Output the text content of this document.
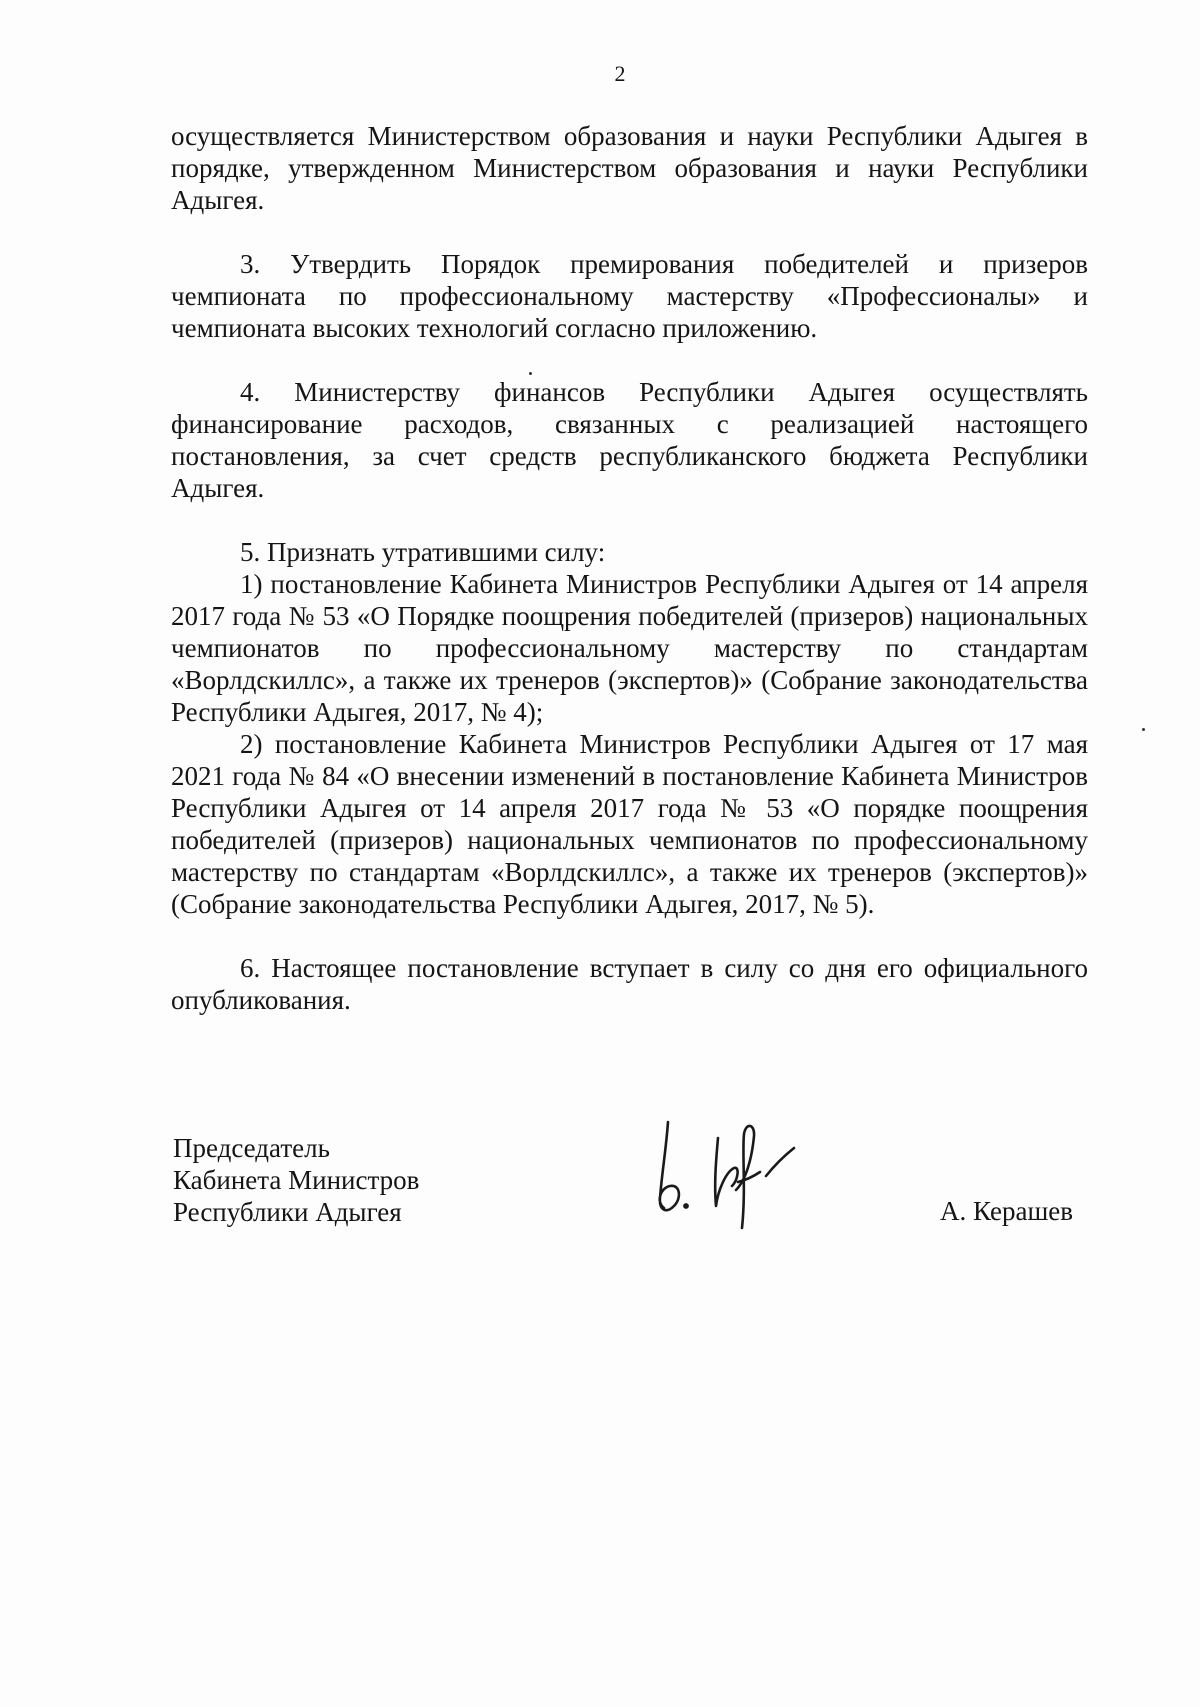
2

осуществляется Министерством образования и науки Республики Адыгея в порядке, утвержденном Министерством образования и науки Республики Адыгея.

3. Утвердить Порядок премирования победителей и призеров чемпионата по профессиональному мастерству «Профессионалы» и чемпионата высоких технологий согласно приложению.

4. Министерству финансов Республики Адыгея осуществлять финансирование расходов, связанных с реализацией настоящего постановления, за счет средств республиканского бюджета Республики Адыгея.

5. Признать утратившими силу:

1) постановление Кабинета Министров Республики Адыгея от 14 апреля 2017 года № 53 «О Порядке поощрения победителей (призеров) национальных чемпионатов по профессиональному мастерству по стандартам «Ворлдскиллс», а также их тренеров (экспертов)» (Собрание законодательства Республики Адыгея, 2017, № 4);

2) постановление Кабинета Министров Республики Адыгея от 17 мая 2021 года № 84 «О внесении изменений в постановление Кабинета Министров Республики Адыгея от 14 апреля 2017 года № 53 «О порядке поощрения победителей (призеров) национальных чемпионатов по профессиональному мастерству по стандартам «Ворлдскиллс», а также их тренеров (экспертов)» (Собрание законодательства Республики Адыгея, 2017, № 5).

6. Настоящее постановление вступает в силу со дня его официального опубликования.

Председатель
Кабинета Министров
Республики Адыгея	А. Керашев
